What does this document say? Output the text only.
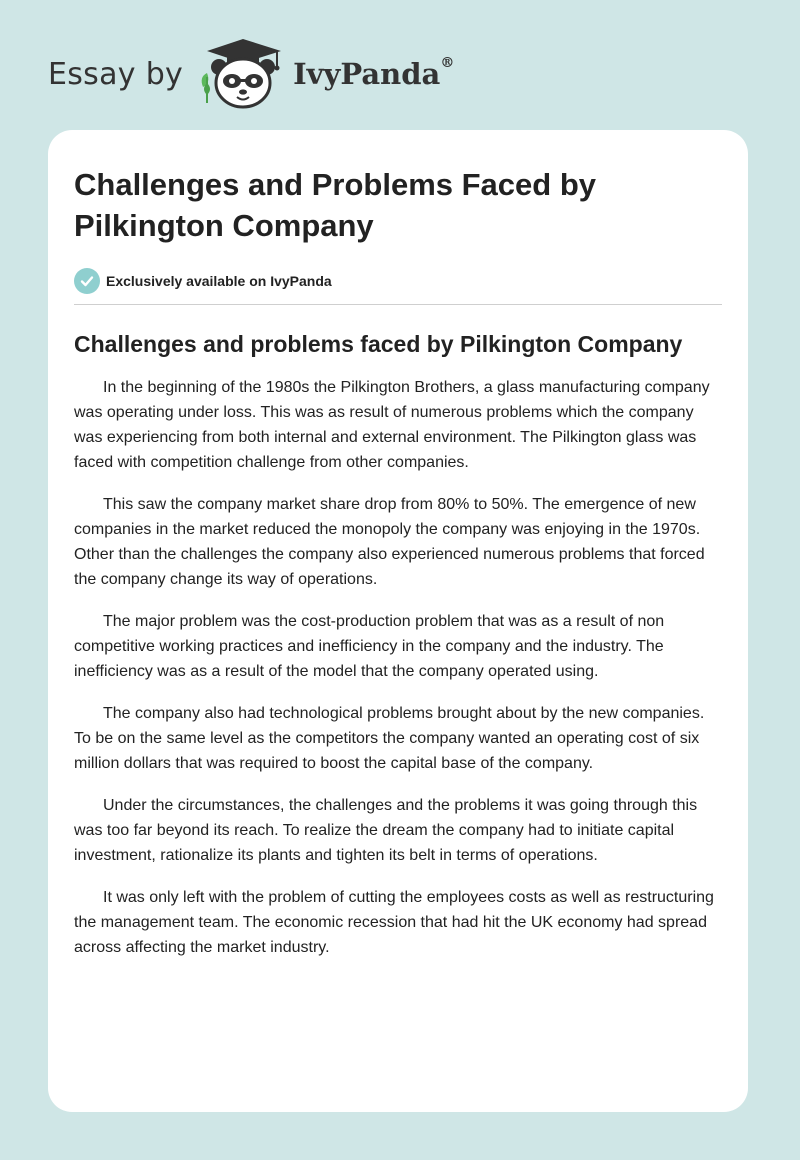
Essay by	IvyPanda®
Challenges and Problems Faced by Pilkington Company
Exclusively available on IvyPanda
Challenges and problems faced by Pilkington Company

In the beginning of the 1980s the Pilkington Brothers, a glass manufacturing company was operating under loss. This was as result of numerous problems which the company was experiencing from both internal and external environment. The Pilkington glass was faced with competition challenge from other companies.

This saw the company market share drop from 80% to 50%. The emergence of new companies in the market reduced the monopoly the company was enjoying in the 1970s. Other than the challenges the company also experienced numerous problems that forced the company change its way of operations.

The major problem was the cost-production problem that was as a result of non competitive working practices and inefficiency in the company and the industry. The inefficiency was as a result of the model that the company operated using.

The company also had technological problems brought about by the new companies. To be on the same level as the competitors the company wanted an operating cost of six million dollars that was required to boost the capital base of the company.

Under the circumstances, the challenges and the problems it was going through this was too far beyond its reach. To realize the dream the company had to initiate capital investment, rationalize its plants and tighten its belt in terms of operations.

It was only left with the problem of cutting the employees costs as well as restructuring the management team. The economic recession that had hit the UK economy had spread across affecting the market industry.
